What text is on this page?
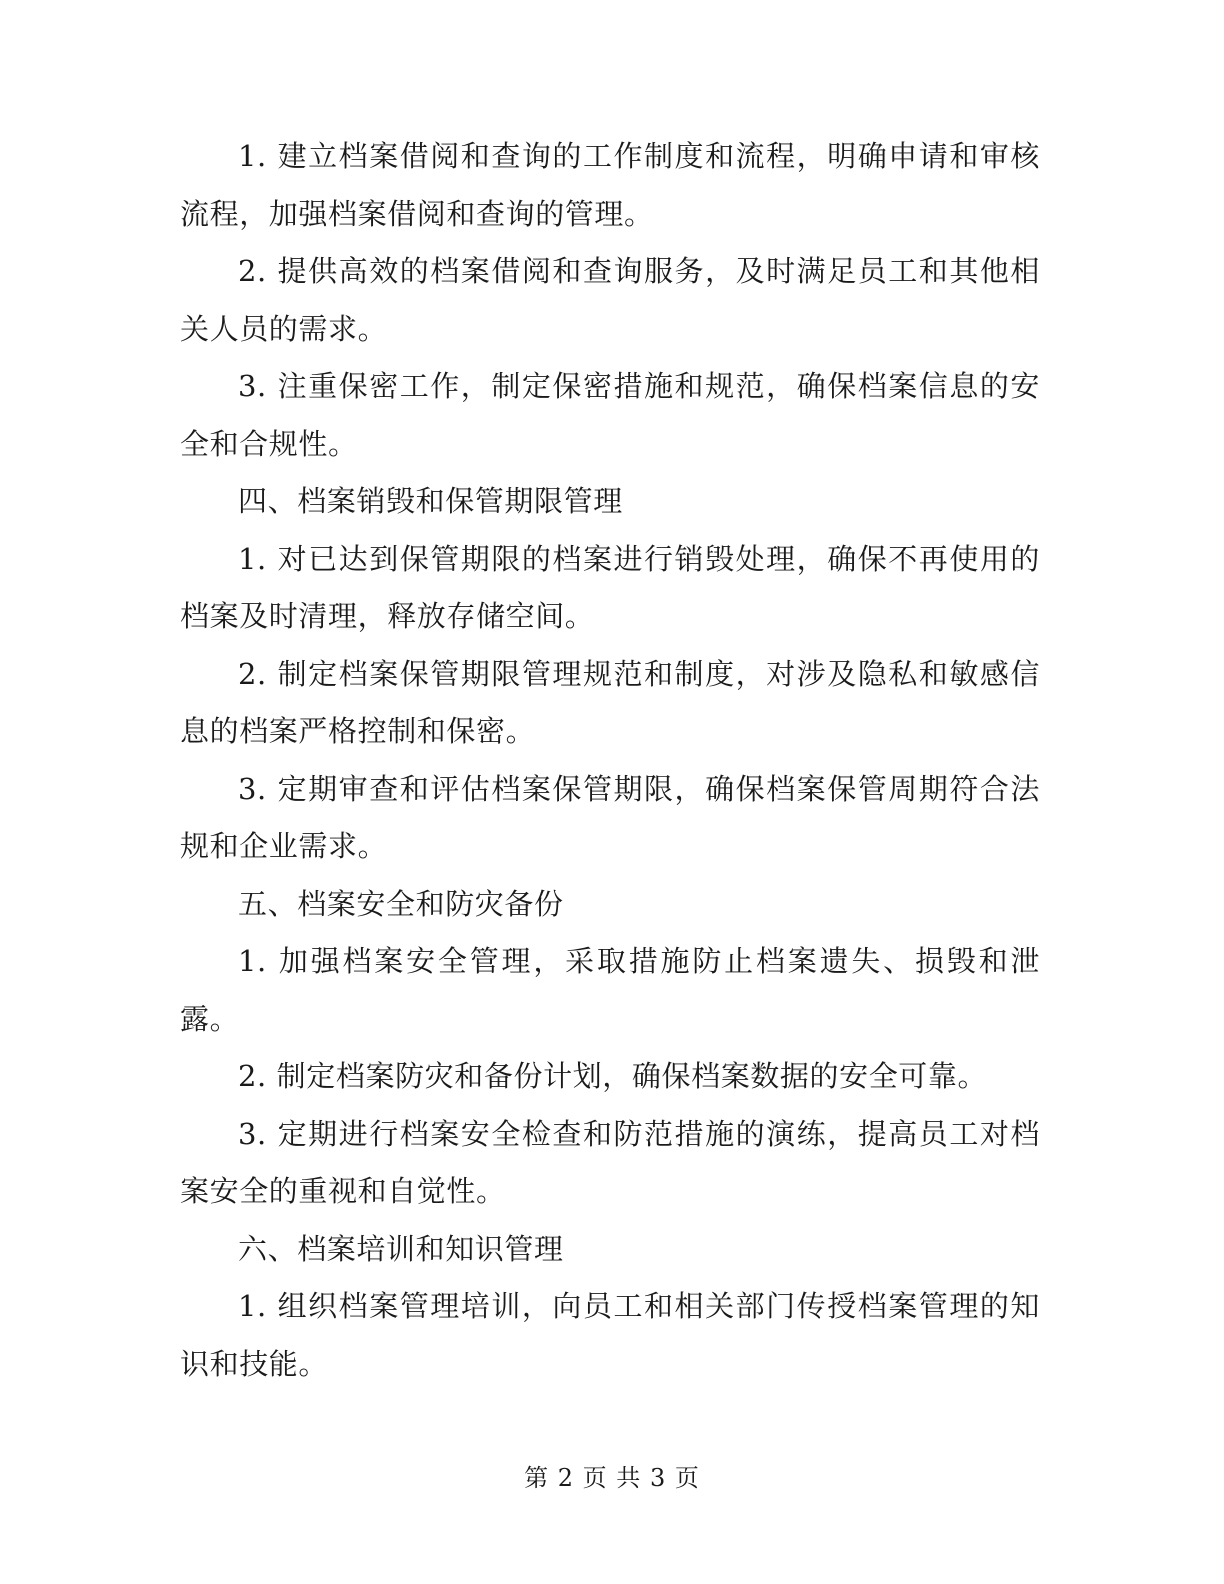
1. 建立档案借阅和查询的工作制度和流程，明确申请和审核流程，加强档案借阅和查询的管理。

2. 提供高效的档案借阅和查询服务，及时满足员工和其他相关人员的需求。

3. 注重保密工作，制定保密措施和规范，确保档案信息的安全和合规性。

四、档案销毁和保管期限管理

1. 对已达到保管期限的档案进行销毁处理，确保不再使用的档案及时清理，释放存储空间。

2. 制定档案保管期限管理规范和制度，对涉及隐私和敏感信息的档案严格控制和保密。

3. 定期审查和评估档案保管期限，确保档案保管周期符合法规和企业需求。

五、档案安全和防灾备份

1. 加强档案安全管理，采取措施防止档案遗失、损毁和泄露。

2. 制定档案防灾和备份计划，确保档案数据的安全可靠。

3. 定期进行档案安全检查和防范措施的演练，提高员工对档案安全的重视和自觉性。

六、档案培训和知识管理

1. 组织档案管理培训，向员工和相关部门传授档案管理的知识和技能。

第 2 页 共 3 页
